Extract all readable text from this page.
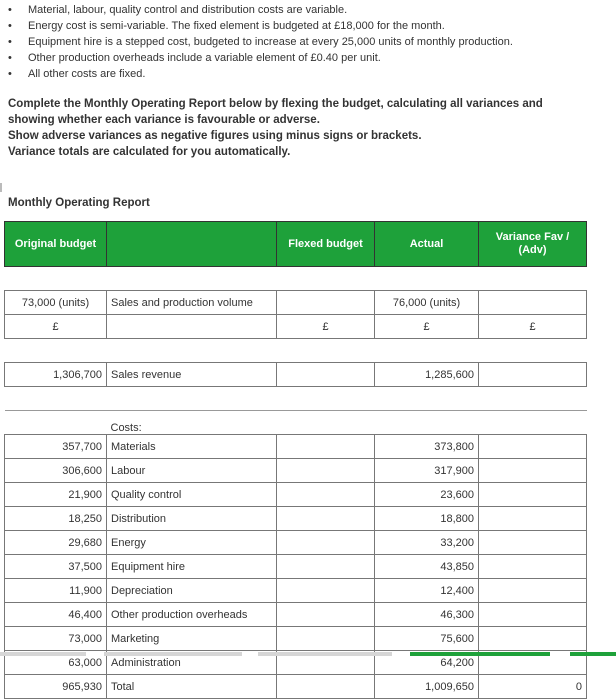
• Material, labour, quality control and distribution costs are variable.
• Energy cost is semi-variable. The fixed element is budgeted at £18,000 for the month.
• Equipment hire is a stepped cost, budgeted to increase at every 25,000 units of monthly production.
• Other production overheads include a variable element of £0.40 per unit.
• All other costs are fixed.
Complete the Monthly Operating Report below by flexing the budget, calculating all variances and
showing whether each variance is favourable or adverse.
Show adverse variances as negative figures using minus signs or brackets.
Variance totals are calculated for you automatically.
Monthly Operating Report
Original budget		Flexed budget	Actual	Variance Fav / (Adv)

73,000 (units)	Sales and production volume		76,000 (units)	
£		£	£	£

1,306,700	Sales revenue		1,285,600	

	Costs:			
357,700	Materials		373,800	
306,600	Labour		317,900	
21,900	Quality control		23,600	
18,250	Distribution		18,800	
29,680	Energy		33,200	
37,500	Equipment hire		43,850	
11,900	Depreciation		12,400	
46,400	Other production overheads		46,300	
73,000	Marketing		75,600	
63,000	Administration		64,200	
965,930	Total		1,009,650	0
